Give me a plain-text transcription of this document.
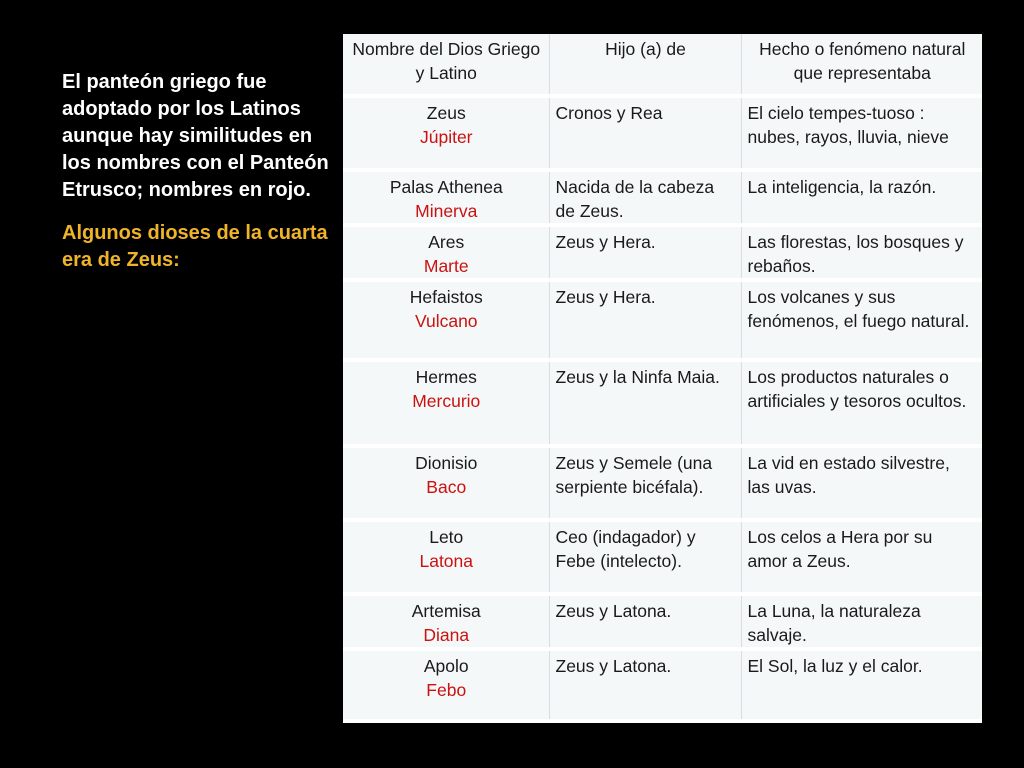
El panteón griego fue adoptado por los Latinos aunque hay similitudes en los nombres con el Panteón Etrusco; nombres en rojo.

Algunos dioses de la cuarta era de Zeus:

Nombre del Dios Griego y Latino	Hijo (a) de	Hecho o fenómeno natural que representaba

Zeus
Júpiter	Cronos y Rea	El cielo tempes-tuoso : nubes, rayos, lluvia, nieve

Palas Athenea
Minerva	Nacida de la cabeza de Zeus.	La inteligencia, la razón.

Ares
Marte	Zeus y Hera.	Las florestas, los bosques y rebaños.

Hefaistos
Vulcano	Zeus y Hera.	Los volcanes y sus fenómenos, el fuego natural.

Hermes
Mercurio	Zeus y la Ninfa Maia.	Los productos naturales o artificiales y tesoros ocultos.

Dionisio
Baco	Zeus y Semele (una serpiente bicéfala).	La vid en estado silvestre, las uvas.

Leto
Latona	Ceo (indagador) y Febe (intelecto).	Los celos a Hera por su amor a Zeus.

Artemisa
Diana	Zeus y Latona.	La Luna, la naturaleza salvaje.

Apolo
Febo	Zeus y Latona.	El Sol, la luz y el calor.
